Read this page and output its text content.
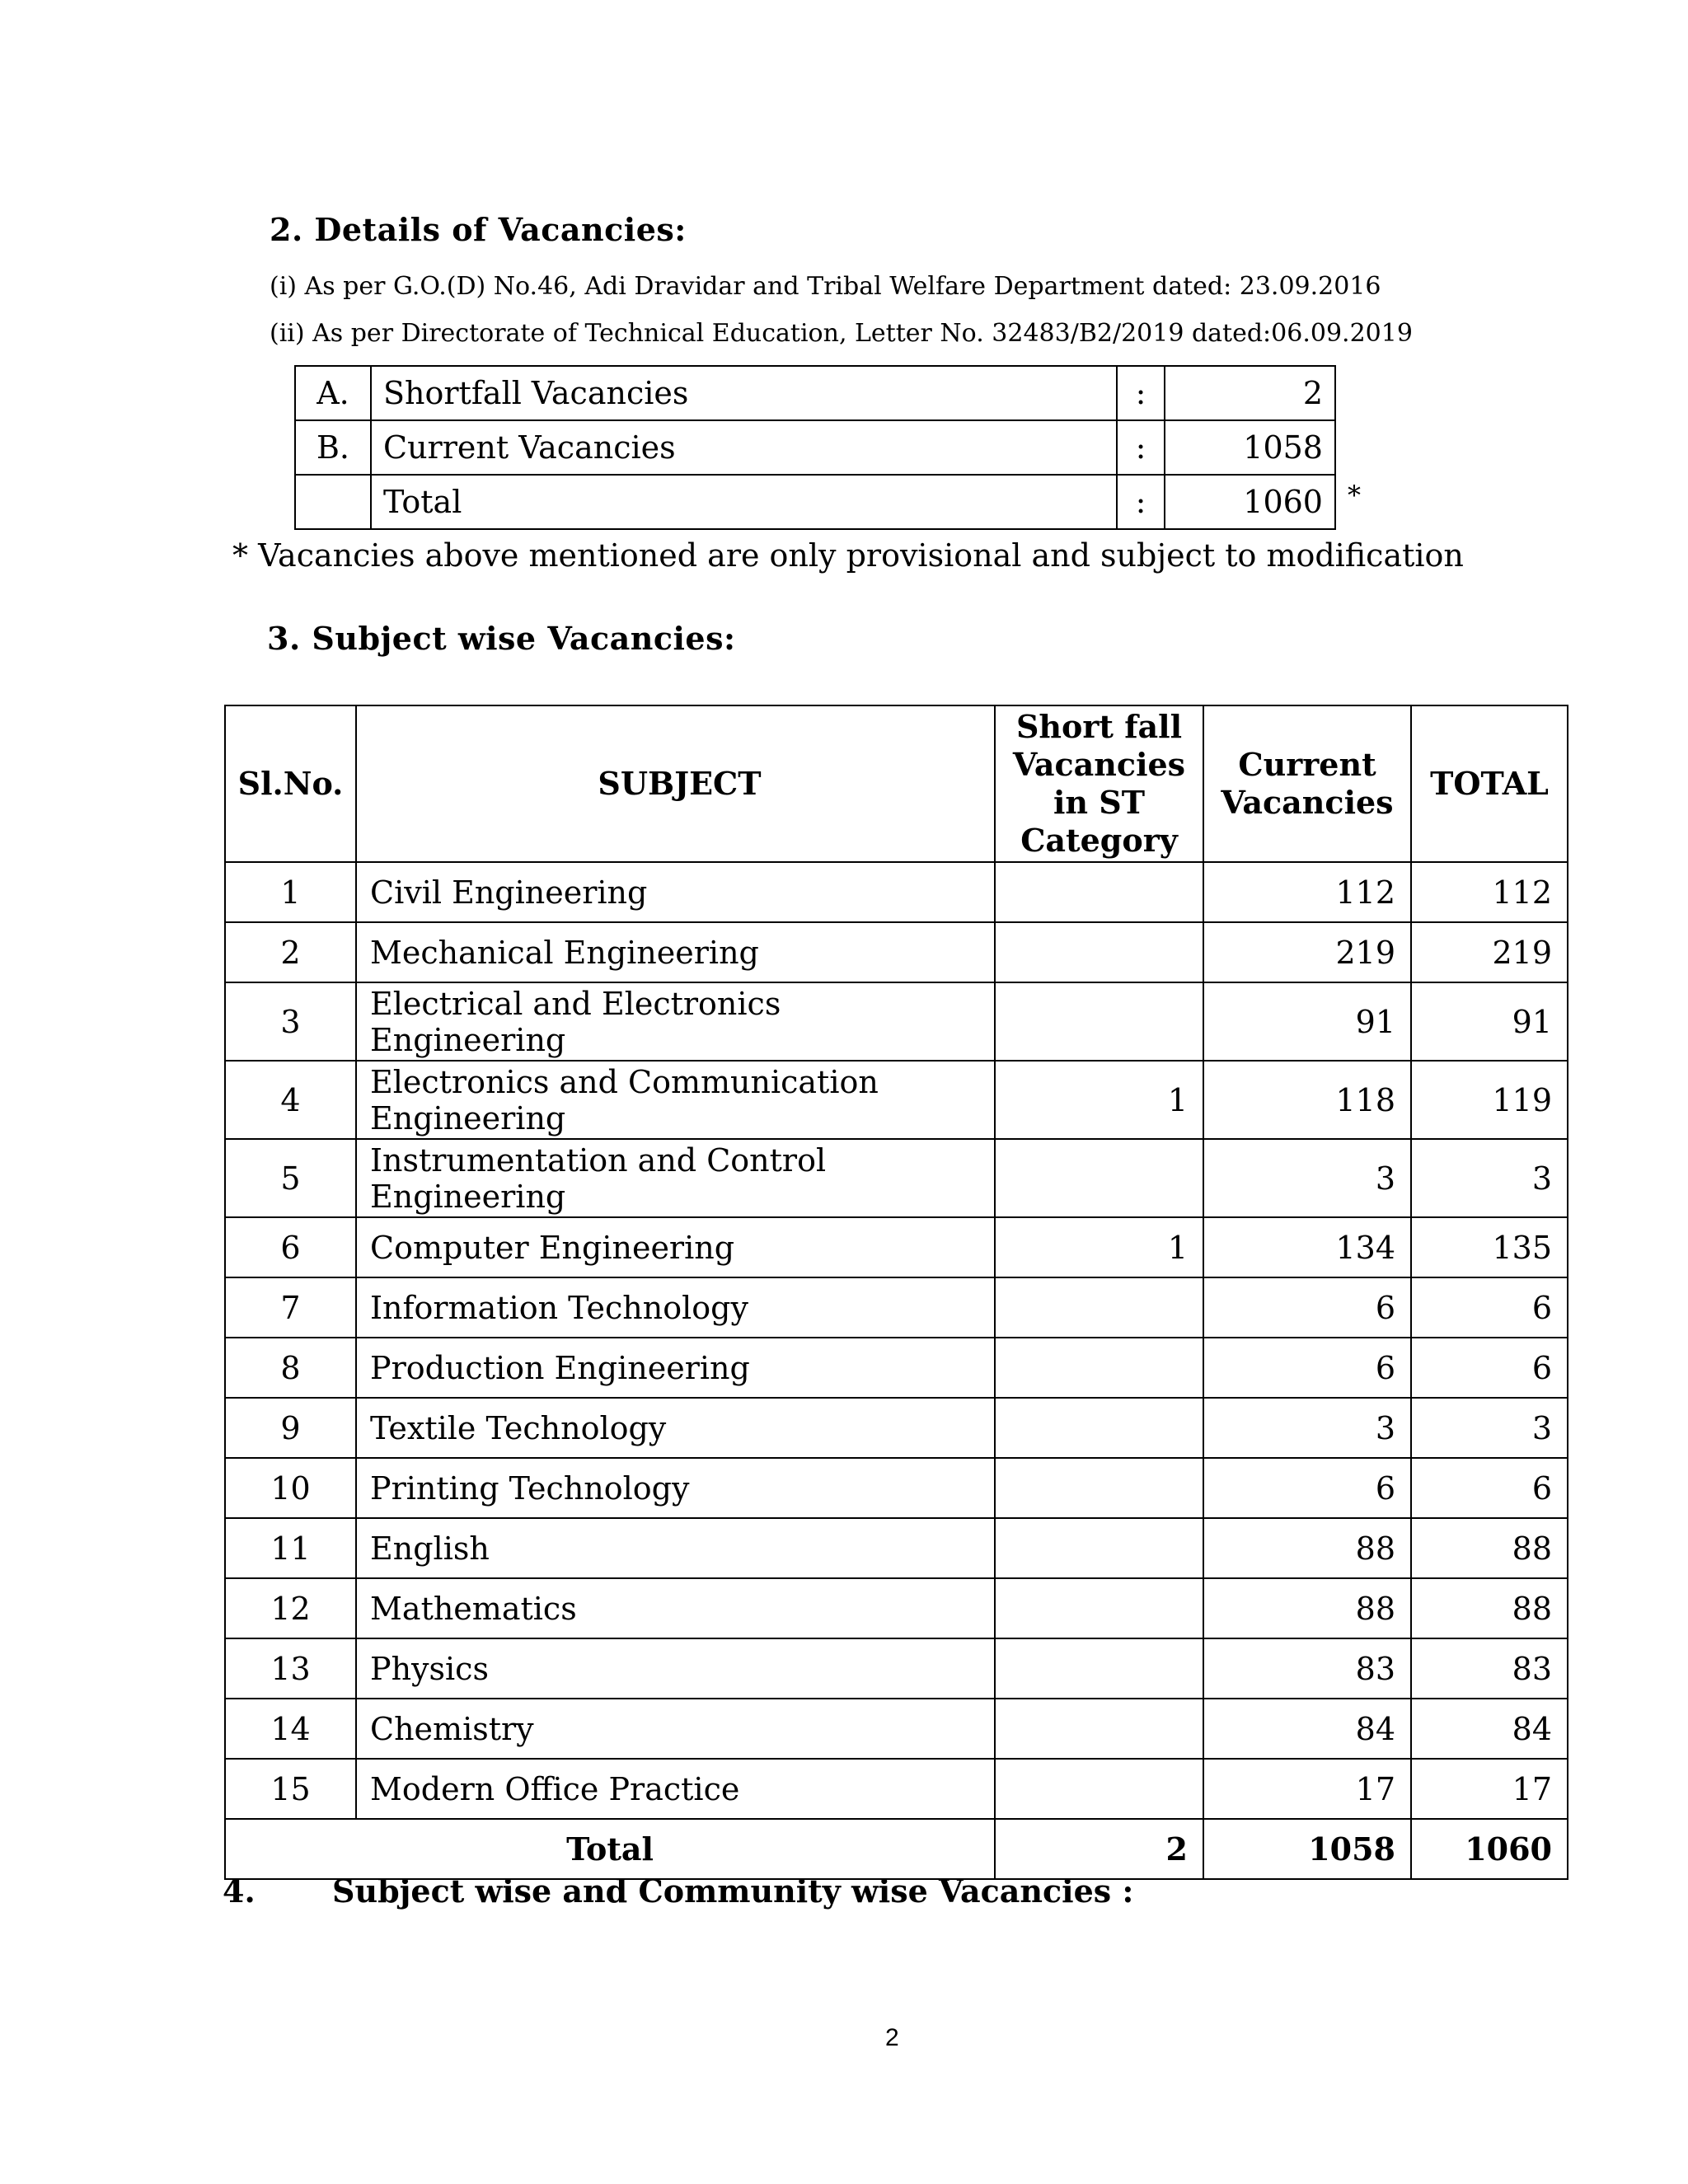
2. Details of Vacancies:
(i) As per G.O.(D) No.46, Adi Dravidar and Tribal Welfare Department dated: 23.09.2016
(ii) As per Directorate of Technical Education, Letter No. 32483/B2/2019 dated:06.09.2019
A.	Shortfall Vacancies	:	2
B.	Current Vacancies	:	1058
	Total	:	1060 *
* Vacancies above mentioned are only provisional and subject to modification
3. Subject wise Vacancies:
Sl.No.	SUBJECT	Short fall Vacancies in ST Category	Current Vacancies	TOTAL
1	Civil Engineering		112	112
2	Mechanical Engineering		219	219
3	Electrical and Electronics Engineering		91	91
4	Electronics and Communication Engineering	1	118	119
5	Instrumentation and Control Engineering		3	3
6	Computer Engineering	1	134	135
7	Information Technology		6	6
8	Production Engineering		6	6
9	Textile Technology		3	3
10	Printing Technology		6	6
11	English		88	88
12	Mathematics		88	88
13	Physics		83	83
14	Chemistry		84	84
15	Modern Office Practice		17	17
Total		2	1058	1060
4. Subject wise and Community wise Vacancies :
2
